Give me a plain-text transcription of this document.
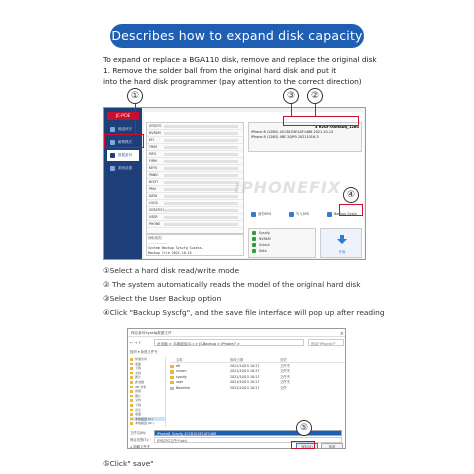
Describes how to expand disk capacity
To expand or replace a BGA110 disk, remove and replace the original disk
1. Remove the solder ball from the original hard disk and put it
into the hard disk programmer (pay attention to the correct direction)
JC-PCIE
硬盘读写
解锁模式
数据备份
系统设置
SYSCFG
NVRAM
EFI
TRIM
MFG
FIRM
KEYS
PANIC
BOOT
PMU
DATA
LOGS
SCRATCH
USER
PHONE
读取成功！
----------
System Backup Syscfg Sucess,
Backup file 2021-10-15
4 H2GF7R0HADQ_128G
iPhone 8 (128G) 4CCB1E4E1AF1468 2021-10-15
iPhone 8 (128G) 4BF-20JP0 20211016-3
备份SYS	写入SYS	Backup Sysfg
Syscfg
NVRAM
Unlock
Data	开始
IPHONEFIX
①	③	②
④
①Select a hard disk read/write mode
② The system automatically reads the model of the original hard disk
③Select the User Backup option
④Click "Backup Syscfg", and the save file interface will pop up after reading
保存备份Syscfg数据文件	×
← → ↑	此电脑 > 本地磁盘(C:) > JCBackup > iPhone7 >	搜索"iPhone7"
组织 ▾ 新建文件夹
快速访问
桌面
下载
文档
图片
此电脑
3D 对象
视频
图片
文档
下载
音乐
桌面
本地磁盘 (C:)
本地磁盘 (D:)
名称	修改日期	类型
efi	2021/10/15 10:27	文件夹
nvram	2021/10/15 10:27	文件夹
syscfg	2021/10/15 10:27	文件夹
user	2021/10/15 10:27	文件夹
Baseline	2021/10/15 10:27	文件
文件名(N):	iPhone8_Syscfg_4CCB1E4E1AF1468
保存类型(T):	SYSCFG文件(*.bin)
∧ 隐藏文件夹	保存(S)	取消
⑤
⑤Click" save"
